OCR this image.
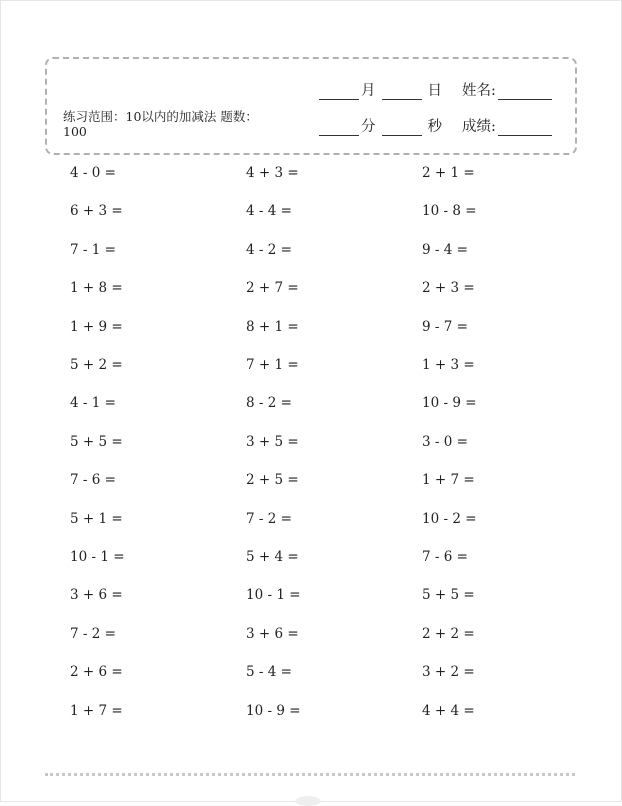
练习范围：10以内的加减法 题数：100
月	日 姓名:
分	秒 成绩:
4 - 0 =	4 + 3 =	2 + 1 =
6 + 3 =	4 - 4 =	10 - 8 =
7 - 1 =	4 - 2 =	9 - 4 =
1 + 8 =	2 + 7 =	2 + 3 =
1 + 9 =	8 + 1 =	9 - 7 =
5 + 2 =	7 + 1 =	1 + 3 =
4 - 1 =	8 - 2 =	10 - 9 =
5 + 5 =	3 + 5 =	3 - 0 =
7 - 6 =	2 + 5 =	1 + 7 =
5 + 1 =	7 - 2 =	10 - 2 =
10 - 1 =	5 + 4 =	7 - 6 =
3 + 6 =	10 - 1 =	5 + 5 =
7 - 2 =	3 + 6 =	2 + 2 =
2 + 6 =	5 - 4 =	3 + 2 =
1 + 7 =	10 - 9 =	4 + 4 =
